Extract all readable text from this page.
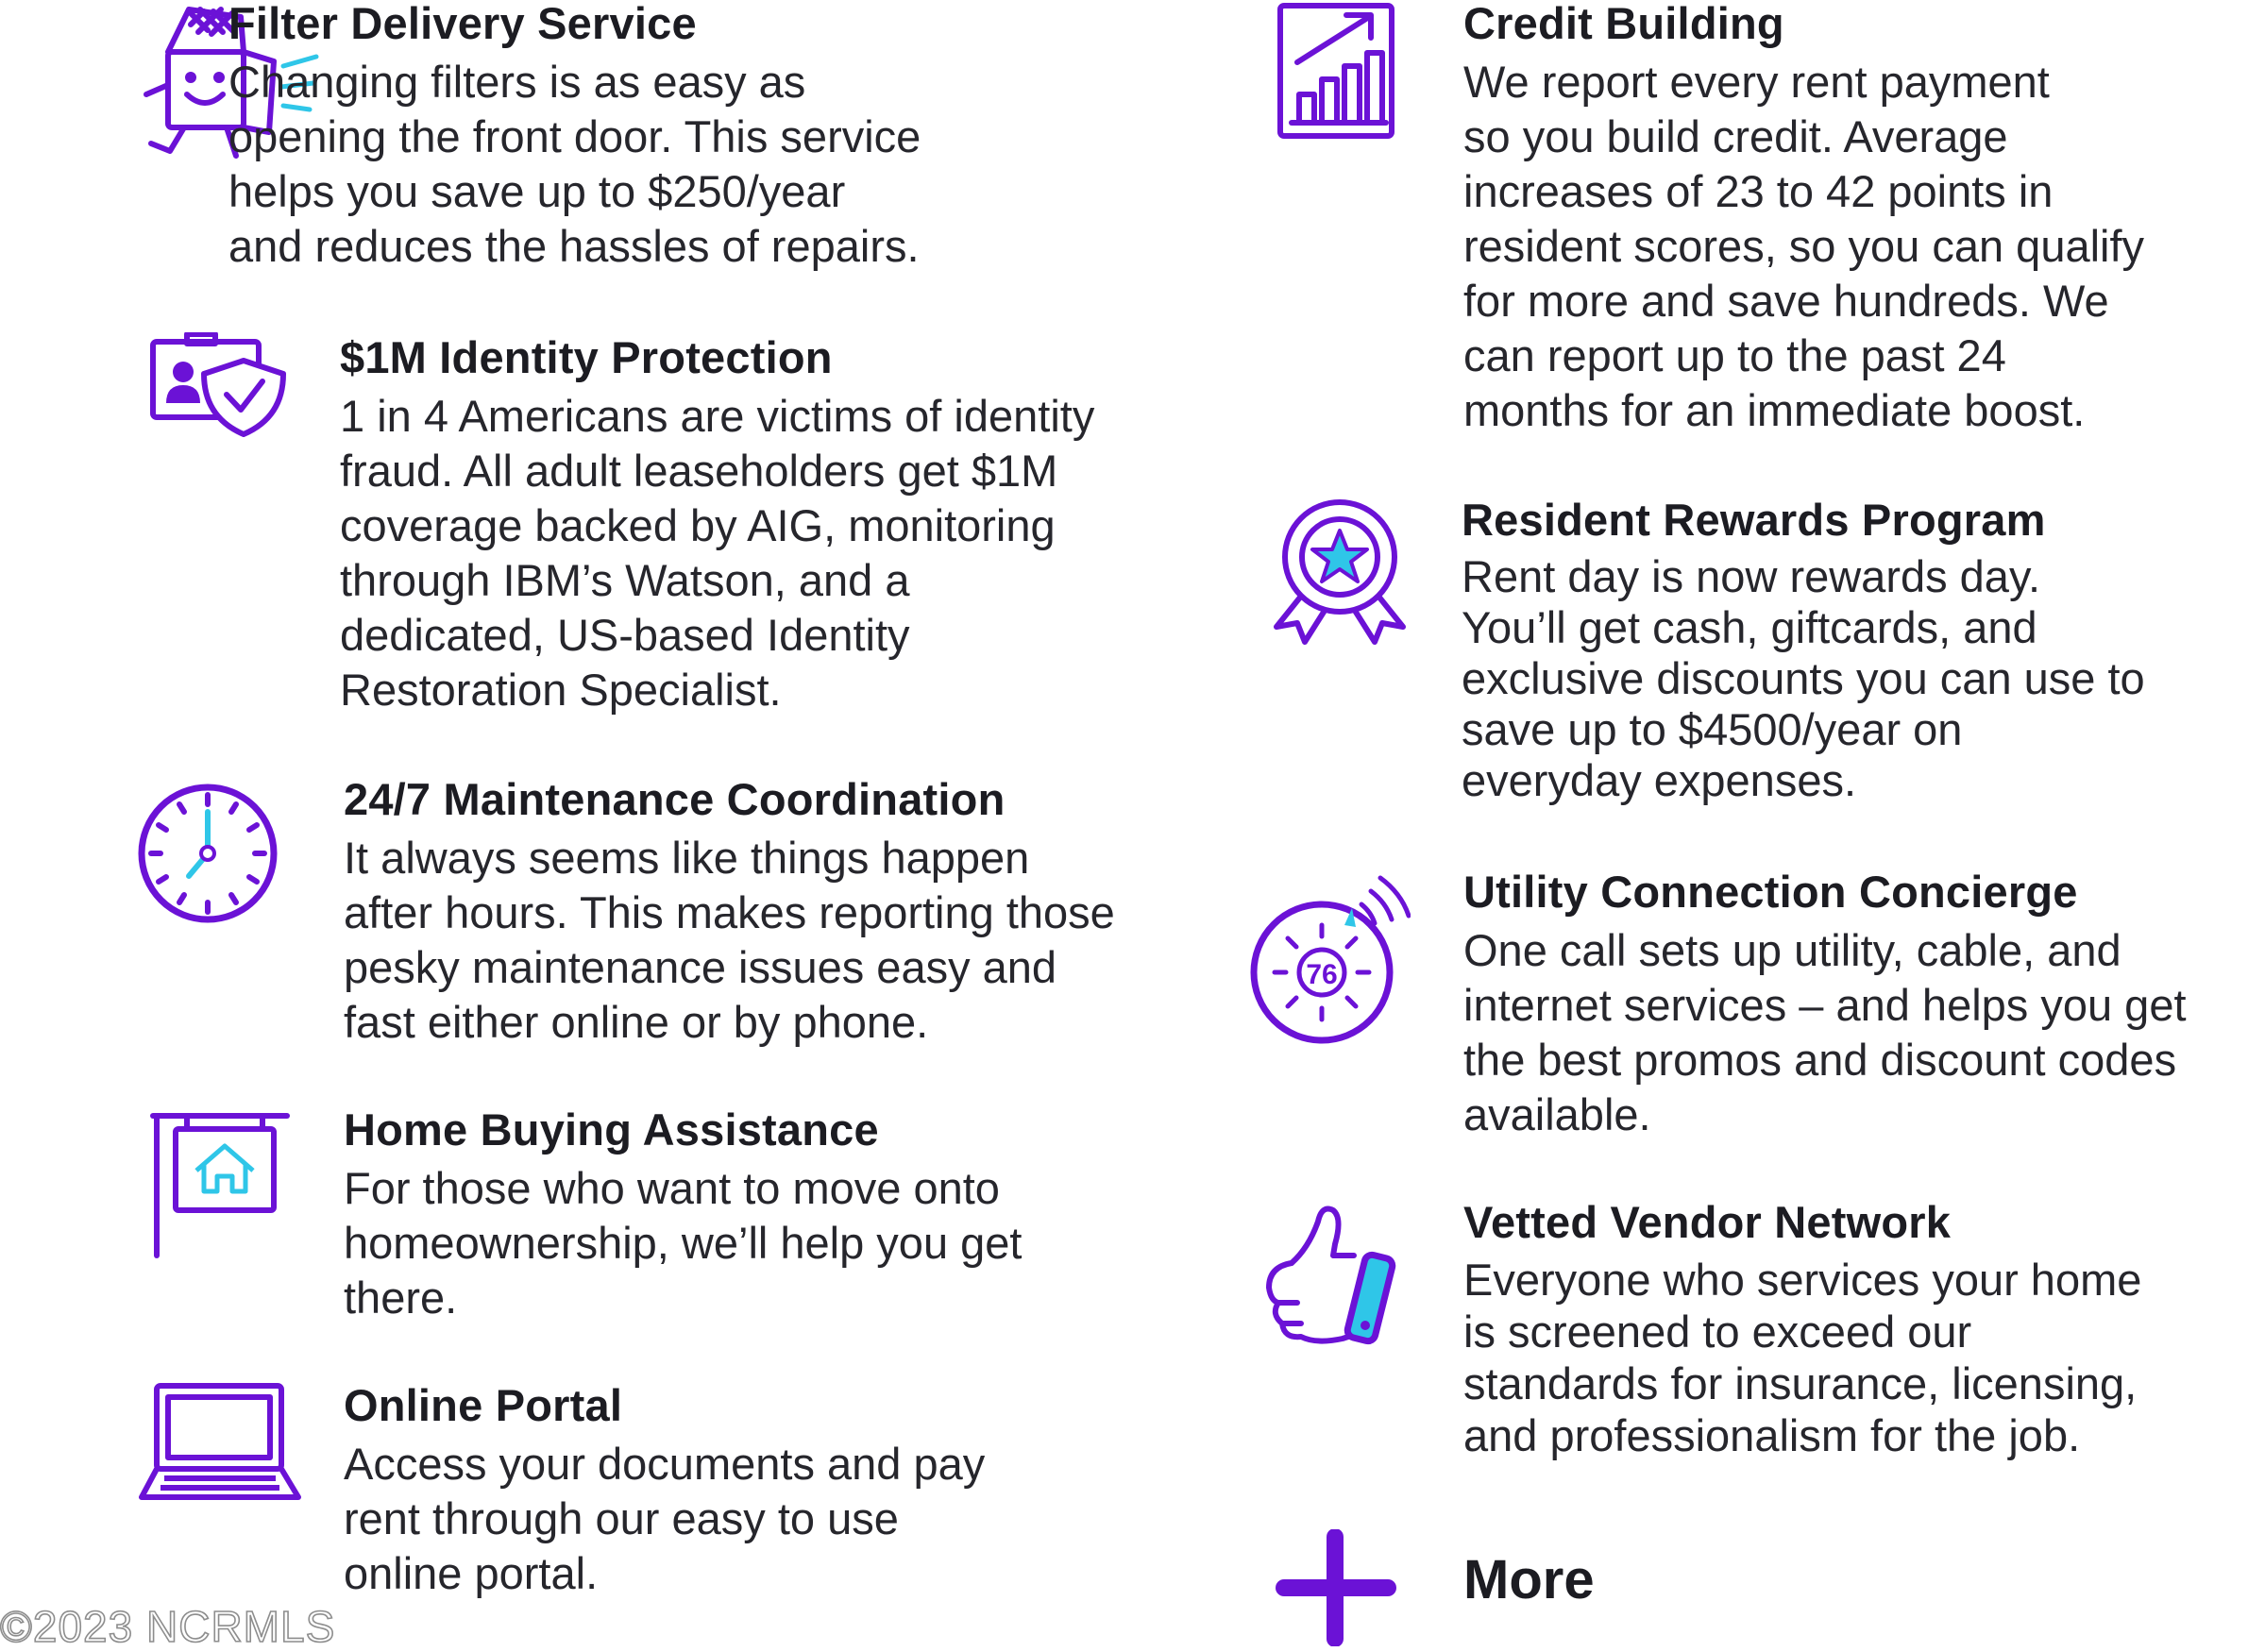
Filter Delivery Service

Changing filters is as easy as
opening the front door. This service
helps you save up to $250/year
and reduces the hassles of repairs.

$1M Identity Protection

1 in 4 Americans are victims of identity
fraud. All adult leaseholders get $1M
coverage backed by AIG, monitoring
through IBM’s Watson, and a
dedicated, US-based Identity
Restoration Specialist.

24/7 Maintenance Coordination

It always seems like things happen
after hours. This makes reporting those
pesky maintenance issues easy and
fast either online or by phone.

Home Buying Assistance

For those who want to move onto
homeownership, we’ll help you get
there.

Online Portal

Access your documents and pay
rent through our easy to use
online portal.

Credit Building

We report every rent payment
so you build credit. Average
increases of 23 to 42 points in
resident scores, so you can qualify
for more and save hundreds. We
can report up to the past 24
months for an immediate boost.

Resident Rewards Program

Rent day is now rewards day.
You’ll get cash, giftcards, and
exclusive discounts you can use to
save up to $4500/year on
everyday expenses.

76
Utility Connection Concierge

One call sets up utility, cable, and
internet services – and helps you get
the best promos and discount codes
available.

Vetted Vendor Network

Everyone who services your home
is screened to exceed our
standards for insurance, licensing,
and professionalism for the job.

More
©2023 NCRMLS
